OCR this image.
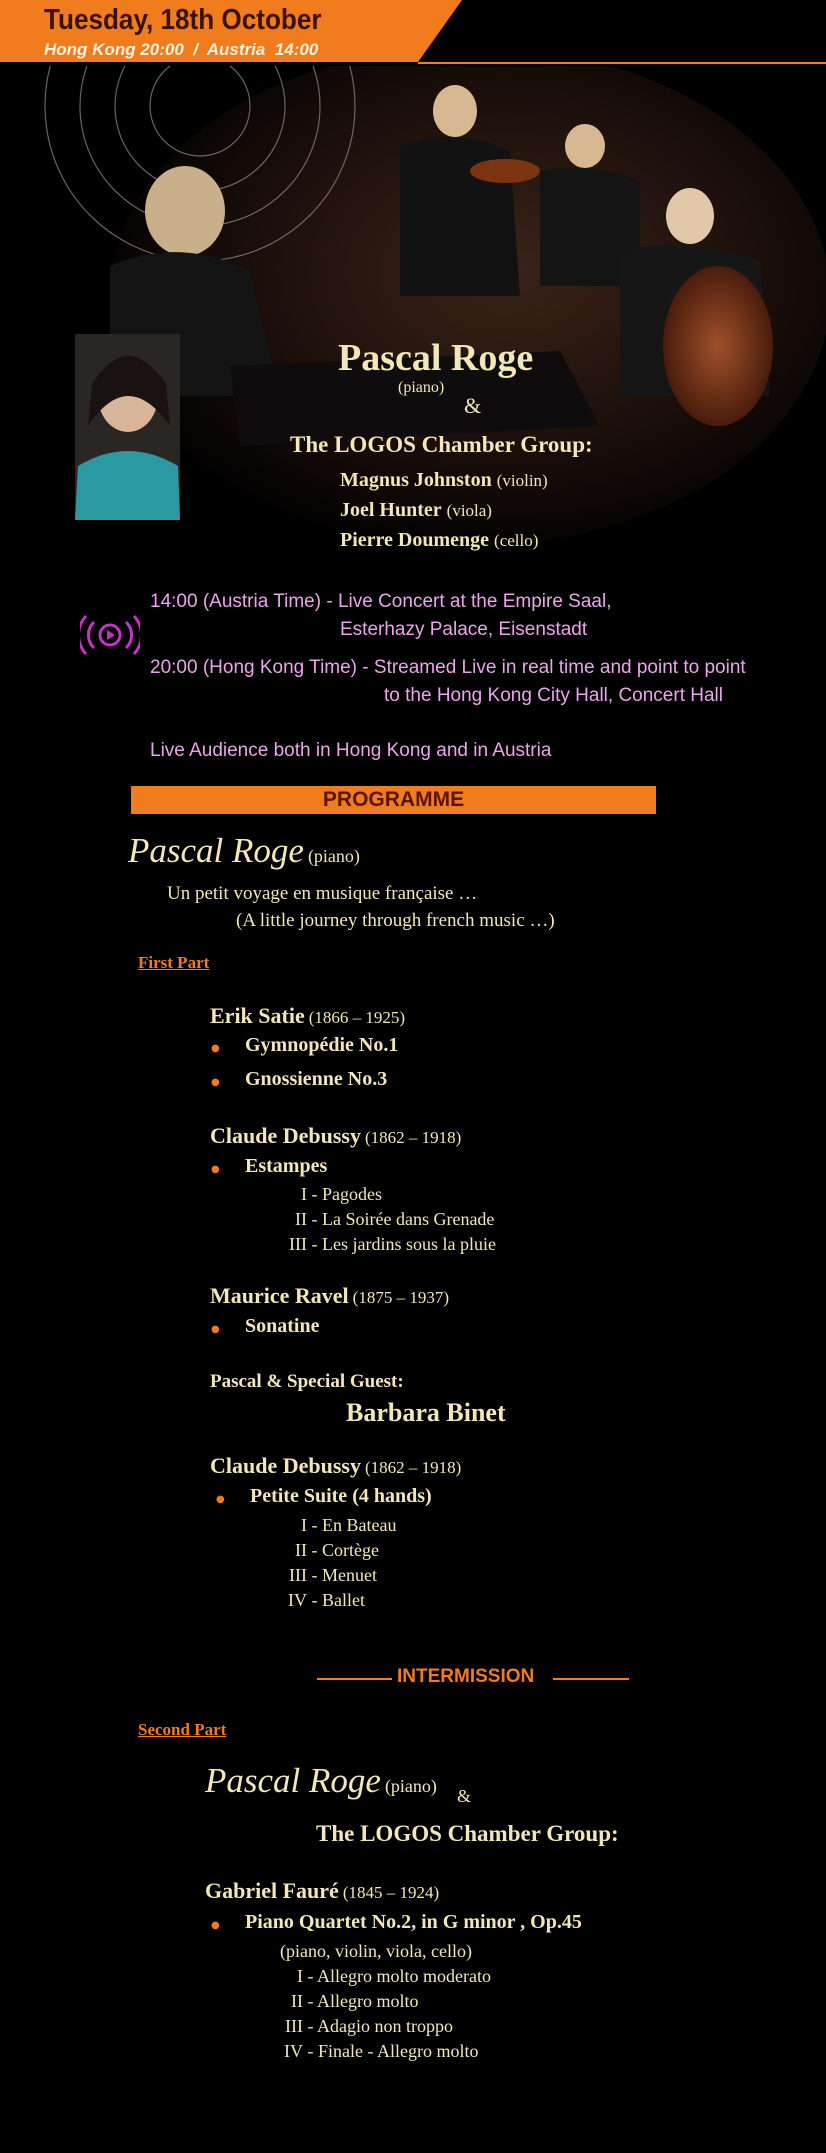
Tuesday, 18th October
Hong Kong 20:00  /  Austria  14:00
Pascal Roge
(piano)
&
The LOGOS Chamber Group:
Magnus Johnston (violin)
Joel Hunter (viola)
Pierre Doumenge (cello)
14:00 (Austria Time) - Live Concert at the Empire Saal,
Esterhazy Palace, Eisenstadt
20:00 (Hong Kong Time) - Streamed Live in real time and point to point
to the Hong Kong City Hall, Concert Hall
Live Audience both in Hong Kong and in Austria
PROGRAMME
Pascal Roge (piano)
Un petit voyage en musique française …
(A little journey through french music …)
First Part
Erik Satie (1866 – 1925)
● Gymnopédie No.1
● Gnossienne No.3
Claude Debussy (1862 – 1918)
● Estampes
I - Pagodes
II - La Soirée dans Grenade
III - Les jardins sous la pluie
Maurice Ravel (1875 – 1937)
● Sonatine
Pascal & Special Guest:
Barbara Binet
Claude Debussy (1862 – 1918)
● Petite Suite (4 hands)
I - En Bateau
II - Cortège
III - Menuet
IV - Ballet
INTERMISSION
Second Part
Pascal Roge (piano) &
The LOGOS Chamber Group:
Gabriel Fauré (1845 – 1924)
● Piano Quartet No.2, in G minor , Op.45
(piano, violin, viola, cello)
I - Allegro molto moderato
II - Allegro molto
III - Adagio non troppo
IV - Finale - Allegro molto
